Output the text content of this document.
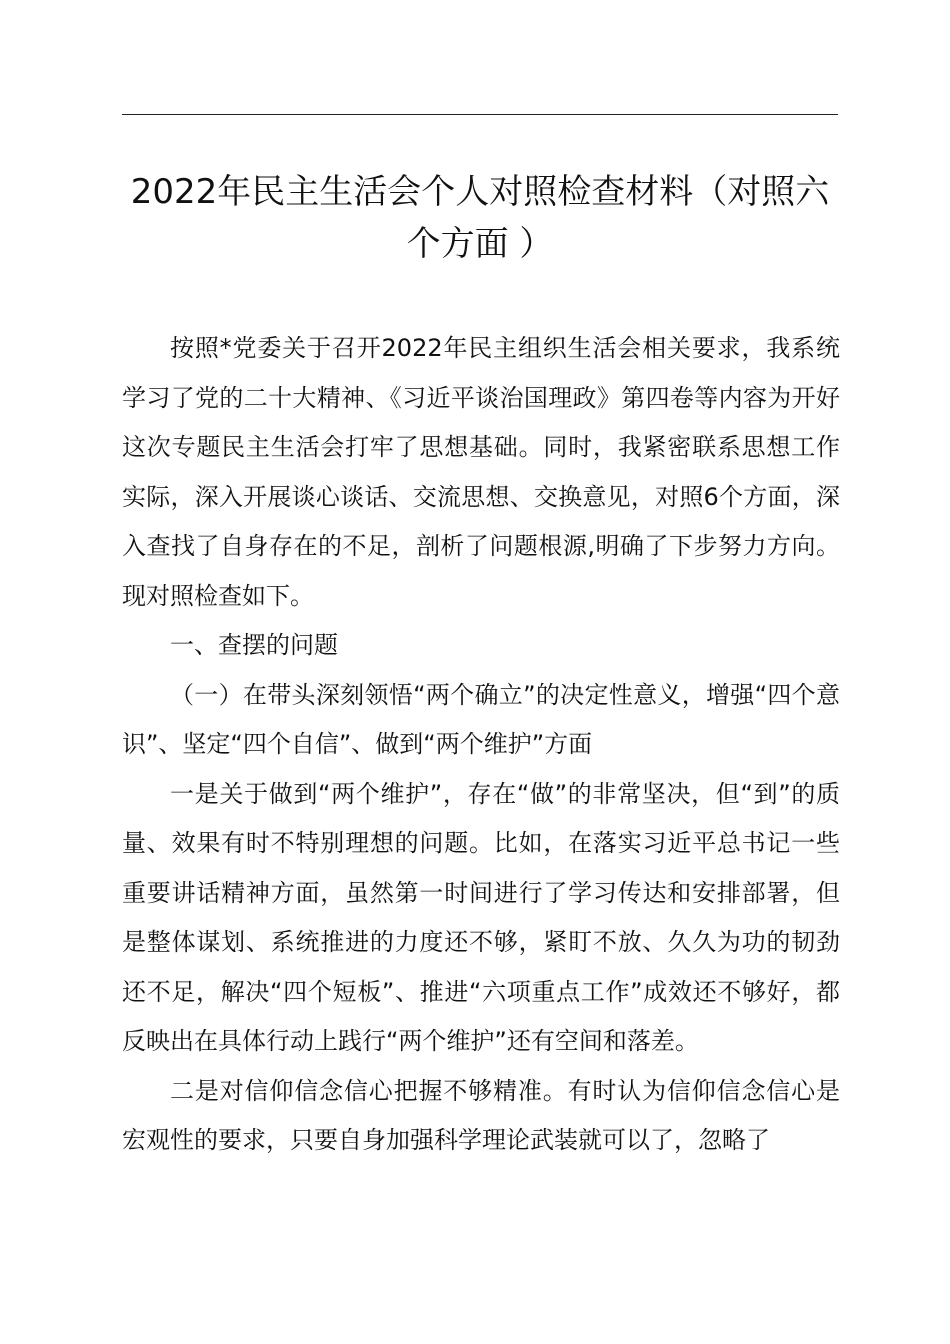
2022年民主生活会个人对照检查材料（对照六个方面 ）

按照*党委关于召开2022年民主组织生活会相关要求，我系统学习了党的二十大精神、《习近平谈治国理政》第四卷等内容为开好这次专题民主生活会打牢了思想基础。同时，我紧密联系思想工作实际，深入开展谈心谈话、交流思想、交换意见，对照6个方面，深入查找了自身存在的不足，剖析了问题根源,明确了下步努力方向。现对照检查如下。

一、查摆的问题

（一）在带头深刻领悟“两个确立”的决定性意义，增强“四个意识”、坚定“四个自信”、做到“两个维护”方面

一是关于做到“两个维护”，存在“做”的非常坚决，但“到”的质量、效果有时不特别理想的问题。比如，在落实习近平总书记一些重要讲话精神方面，虽然第一时间进行了学习传达和安排部署，但是整体谋划、系统推进的力度还不够，紧盯不放、久久为功的韧劲还不足，解决“四个短板”、推进“六项重点工作”成效还不够好，都反映出在具体行动上践行“两个维护”还有空间和落差。

二是对信仰信念信心把握不够精准。有时认为信仰信念信心是宏观性的要求，只要自身加强科学理论武装就可以了，忽略了
